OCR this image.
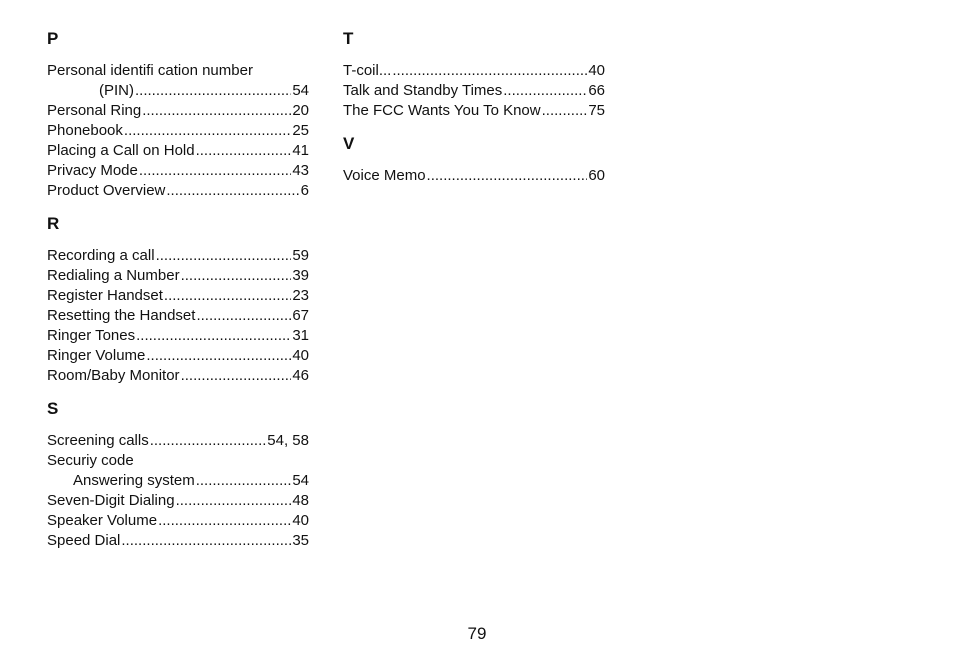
P
Personal identifi cation number
(PIN) .....	54
Personal Ring .....	20
Phonebook .....	25
Placing a Call on Hold .....	41
Privacy Mode .....	43
Product Overview .....	6
R
Recording a call .....	59
Redialing a Number .....	39
Register Handset .....	23
Resetting the Handset .....	67
Ringer Tones .....	31
Ringer Volume .....	40
Room/Baby Monitor .....	46
S
Screening calls .....	54, 58
Securiy code
Answering system .....	54
Seven-Digit Dialing .....	48
Speaker Volume .....	40
Speed Dial .....	35
T
T-coil... .....	40
Talk and Standby Times .....	66
The FCC Wants You To Know .....	75
V
Voice Memo .....	60
79
